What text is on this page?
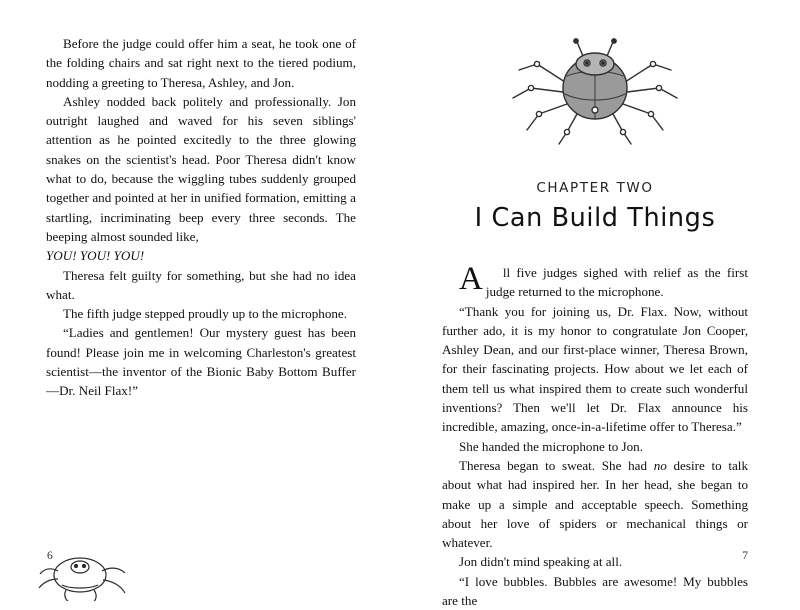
Before the judge could offer him a seat, he took one of the folding chairs and sat right next to the tiered podium, nodding a greeting to Theresa, Ashley, and Jon.

Ashley nodded back politely and professionally. Jon outright laughed and waved for his seven siblings' attention as he pointed excitedly to the three glowing snakes on the scientist's head. Poor Theresa didn't know what to do, because the wiggling tubes suddenly grouped together and pointed at her in unified formation, emitting a startling, incriminating beep every three seconds. The beeping almost sounded like,

YOU! YOU! YOU!

Theresa felt guilty for something, but she had no idea what.

The fifth judge stepped proudly up to the microphone.

“Ladies and gentlemen! Our mystery guest has been found! Please join me in welcoming Charleston's greatest scientist—the inventor of the Bionic Baby Bottom Buffer—Dr. Neil Flax!”

6
CHAPTER TWO
I Can Build Things

A ll five judges sighed with relief as the first judge returned to the microphone.

“Thank you for joining us, Dr. Flax. Now, without further ado, it is my honor to congratulate Jon Cooper, Ashley Dean, and our first-place winner, Theresa Brown, for their fascinating projects. How about we let each of them tell us what inspired them to create such wonderful inventions? Then we'll let Dr. Flax announce his incredible, amazing, once-in-a-lifetime offer to Theresa.”

She handed the microphone to Jon.

Theresa began to sweat. She had no desire to talk about what had inspired her. In her head, she began to make up a simple and acceptable speech. Something about her love of spiders or mechanical things or whatever.

Jon didn't mind speaking at all.

“I love bubbles. Bubbles are awesome! My bubbles are the

7
